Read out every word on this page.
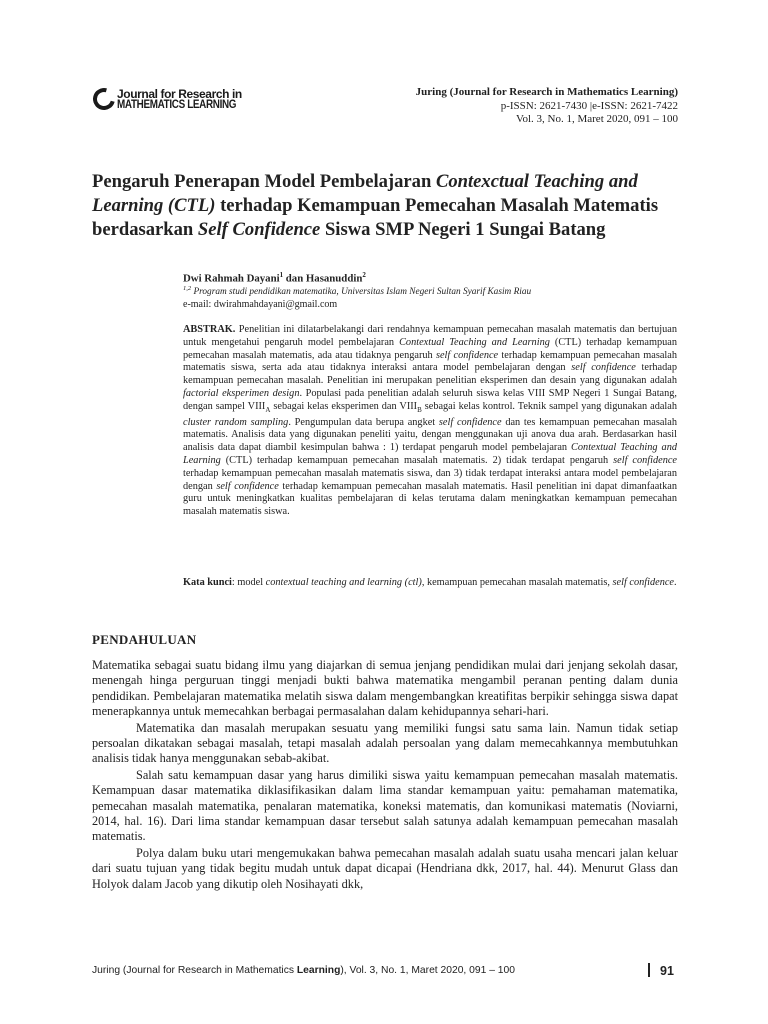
Journal for Research in
MATHEMATICS LEARNING
Juring (Journal for Research in Mathematics Learning)
p-ISSN: 2621-7430 |e-ISSN: 2621-7422
Vol. 3, No. 1, Maret 2020, 091 – 100
Pengaruh Penerapan Model Pembelajaran Contexctual Teaching and Learning (CTL) terhadap Kemampuan Pemecahan Masalah Matematis berdasarkan Self Confidence Siswa SMP Negeri 1 Sungai Batang
Dwi Rahmah Dayani$^1$ dan Hasanuddin$^2$
$^{1,2}$ Program studi pendidikan matematika, Universitas Islam Negeri Sultan Syarif Kasim Riau
e-mail: dwirahmahdayani@gmail.com

ABSTRAK. Penelitian ini dilatarbelakangi dari rendahnya kemampuan pemecahan masalah matematis dan bertujuan untuk mengetahui pengaruh model pembelajaran Contextual Teaching and Learning (CTL) terhadap kemampuan pemecahan masalah matematis, ada atau tidaknya pengaruh self confidence terhadap kemampuan pemecahan masalah matematis siswa, serta ada atau tidaknya interaksi antara model pembelajaran dengan self confidence terhadap kemampuan pemecahan masalah. Penelitian ini merupakan penelitian eksperimen dan desain yang digunakan adalah factorial eksperimen design. Populasi pada penelitian adalah seluruh siswa kelas VIII SMP Negeri 1 Sungai Batang, dengan sampel $VIII_A$ sebagai kelas eksperimen dan $VIII_B$ sebagai kelas kontrol. Teknik sampel yang digunakan adalah cluster random sampling. Pengumpulan data berupa angket self confidence dan tes kemampuan pemecahan masalah matematis. Analisis data yang digunakan peneliti yaitu, dengan menggunakan uji anova dua arah. Berdasarkan hasil analisis data dapat diambil kesimpulan bahwa : 1) terdapat pengaruh model pembelajaran Contextual Teaching and Learning (CTL) terhadap kemampuan pemecahan masalah matematis. 2) tidak terdapat pengaruh self confidence terhadap kemampuan pemecahan masalah matematis siswa, dan 3) tidak terdapat interaksi antara model pembelajaran dengan self confidence terhadap kemampuan pemecahan masalah matematis. Hasil penelitian ini dapat dimanfaatkan guru untuk meningkatkan kualitas pembelajaran di kelas terutama dalam meningkatkan kemampuan pemecahan masalah matematis siswa.

Kata kunci: model contextual teaching and learning (ctl), kemampuan pemecahan masalah matematis, self confidence.
PENDAHULUAN

Matematika sebagai suatu bidang ilmu yang diajarkan di semua jenjang pendidikan mulai dari jenjang sekolah dasar, menengah hinga perguruan tinggi menjadi bukti bahwa matematika mengambil peranan penting dalam dunia pendidikan. Pembelajaran matematika melatih siswa dalam mengembangkan kreatifitas berpikir sehingga siswa dapat menerapkannya untuk memecahkan berbagai permasalahan dalam kehidupannya sehari-hari.

Matematika dan masalah merupakan sesuatu yang memiliki fungsi satu sama lain. Namun tidak setiap persoalan dikatakan sebagai masalah, tetapi masalah adalah persoalan yang dalam memecahkannya membutuhkan analisis tidak hanya menggunakan sebab-akibat.

Salah satu kemampuan dasar yang harus dimiliki siswa yaitu kemampuan pemecahan masalah matematis. Kemampuan dasar matematika diklasifikasikan dalam lima standar kemampuan yaitu: pemahaman matematika, pemecahan masalah matematika, penalaran matematika, koneksi matematis, dan komunikasi matematis (Noviarni, 2014, hal. 16). Dari lima standar kemampuan dasar tersebut salah satunya adalah kemampuan pemecahan masalah matematis.

Polya dalam buku utari mengemukakan bahwa pemecahan masalah adalah suatu usaha mencari jalan keluar dari suatu tujuan yang tidak begitu mudah untuk dapat dicapai (Hendriana dkk, 2017, hal. 44). Menurut Glass dan Holyok dalam Jacob yang dikutip oleh Nosihayati dkk,

Juring (Journal for Research in Mathematics Learning), Vol. 3, No. 1, Maret 2020, 091 – 100	91
